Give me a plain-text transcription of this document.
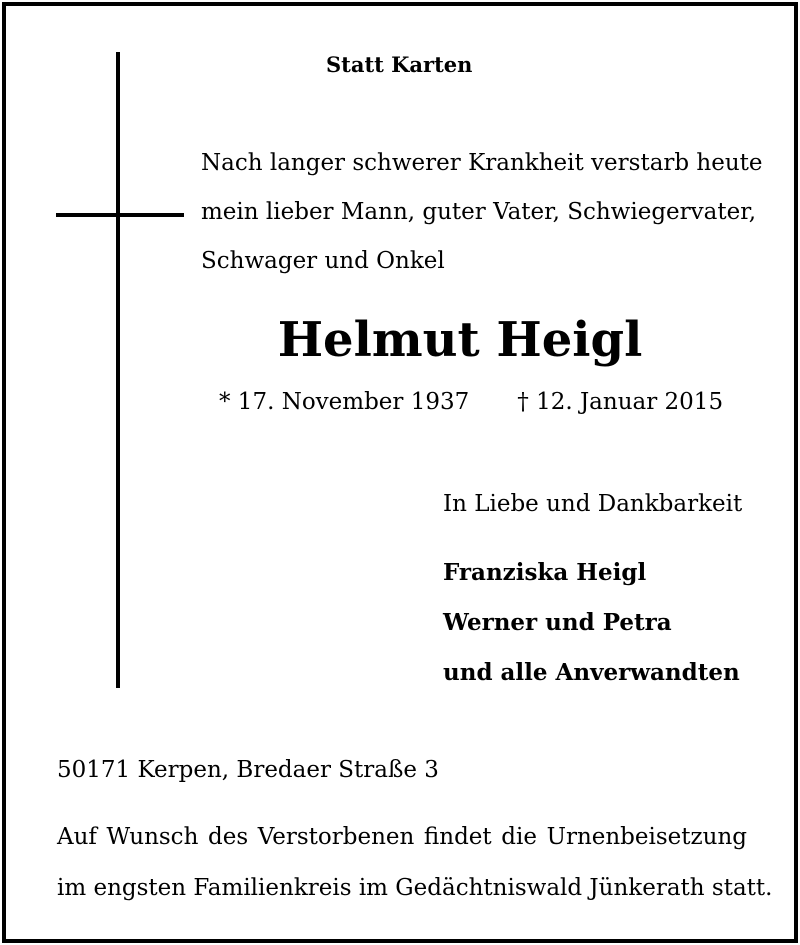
Statt Karten
Nach langer schwerer Krankheit verstarb heute
mein lieber Mann, guter Vater, Schwiegervater,
Schwager und Onkel
Helmut Heigl
* 17. November 1937 † 12. Januar 2015
In Liebe und Dankbarkeit
Franziska Heigl
Werner und Petra
und alle Anverwandten
50171 Kerpen, Bredaer Straße 3
Auf Wunsch des Verstorbenen findet die Urnenbeisetzung
im engsten Familienkreis im Gedächtniswald Jünkerath statt.
